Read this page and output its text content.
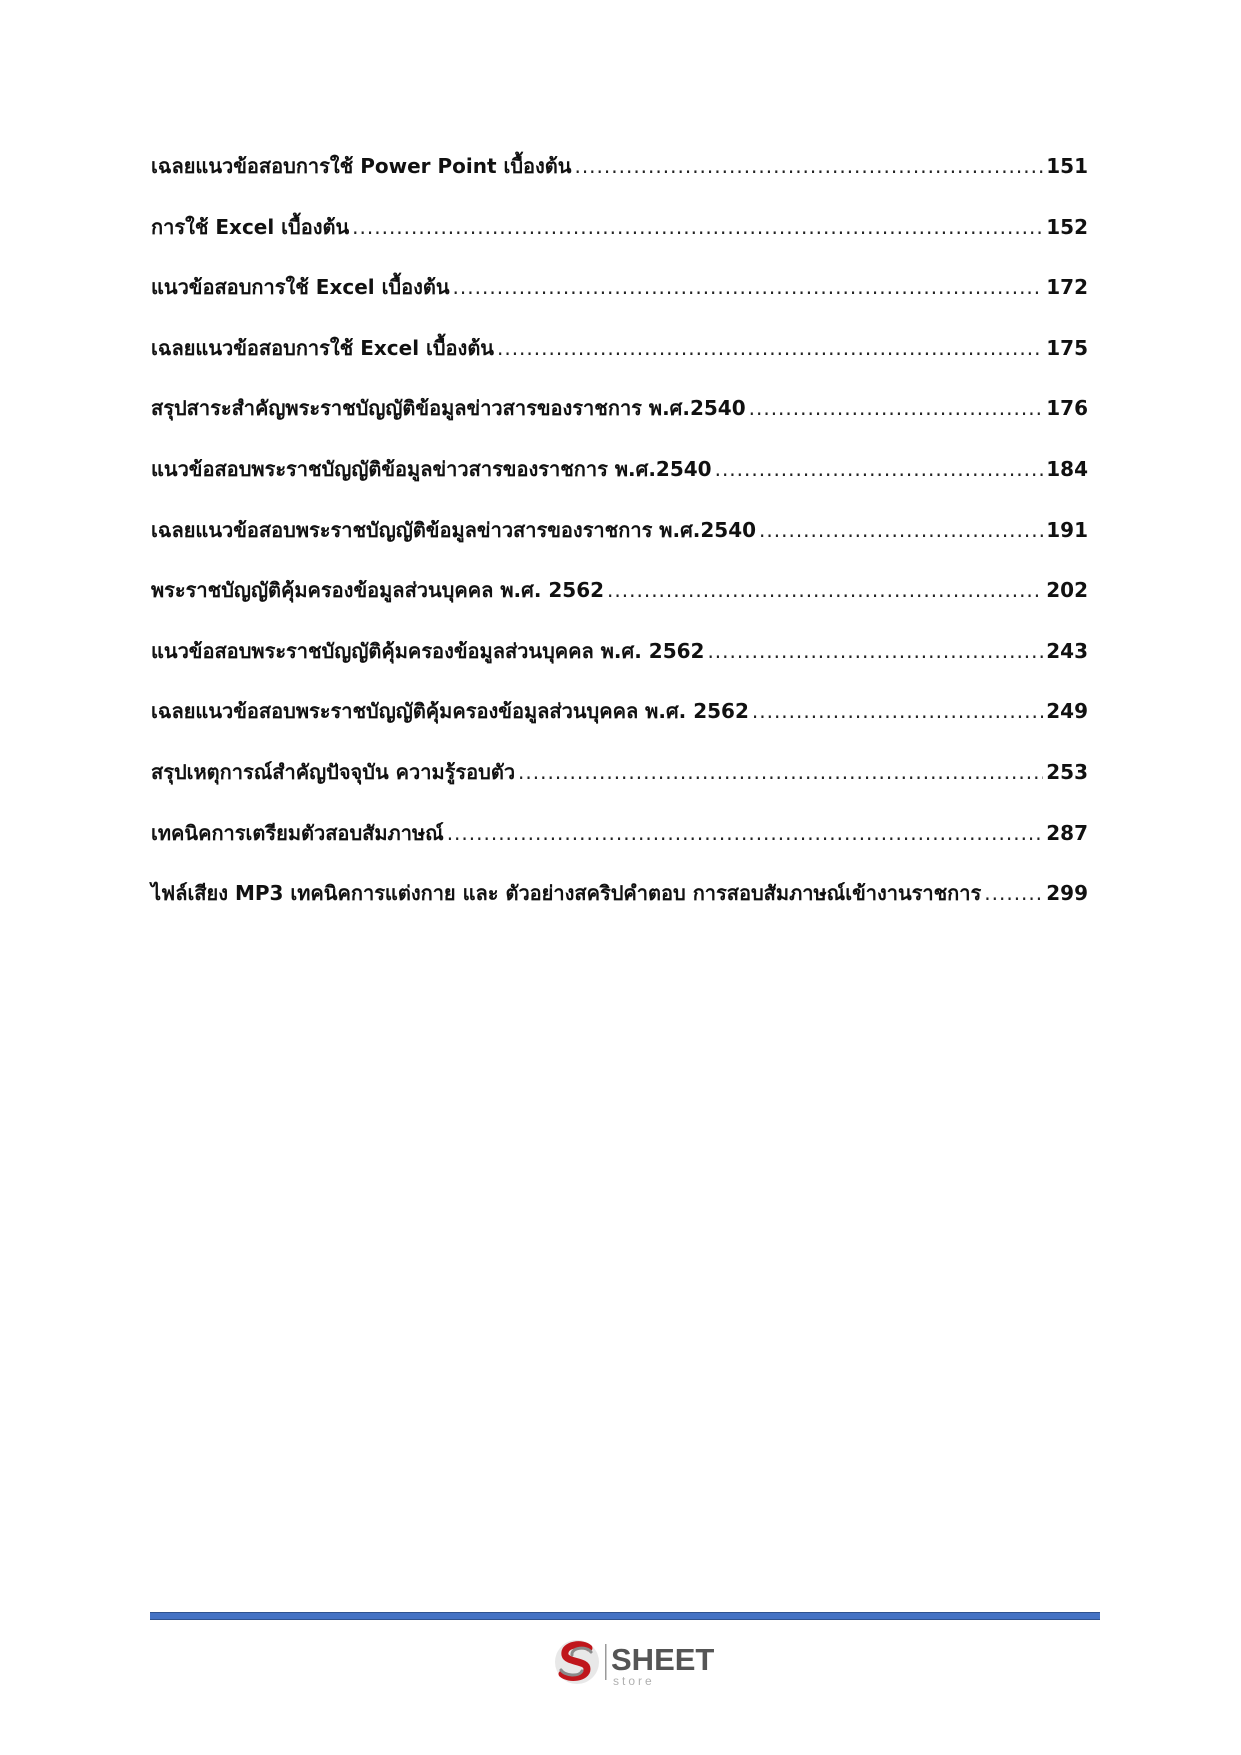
เฉลยแนวข้อสอบการใช้ Power Point เบื้องต้น .....	151
การใช้ Excel เบื้องต้น .....	152
แนวข้อสอบการใช้ Excel เบื้องต้น .....	172
เฉลยแนวข้อสอบการใช้ Excel เบื้องต้น .....	175
สรุปสาระสำคัญพระราชบัญญัติข้อมูลข่าวสารของราชการ พ.ศ.2540 .....	176
แนวข้อสอบพระราชบัญญัติข้อมูลข่าวสารของราชการ พ.ศ.2540 .....	184
เฉลยแนวข้อสอบพระราชบัญญัติข้อมูลข่าวสารของราชการ พ.ศ.2540 .....	191
พระราชบัญญัติคุ้มครองข้อมูลส่วนบุคคล พ.ศ. 2562 .....	202
แนวข้อสอบพระราชบัญญัติคุ้มครองข้อมูลส่วนบุคคล พ.ศ. 2562 .....	243
เฉลยแนวข้อสอบพระราชบัญญัติคุ้มครองข้อมูลส่วนบุคคล พ.ศ. 2562 .....	249
สรุปเหตุการณ์สำคัญปัจจุบัน ความรู้รอบตัว .....	253
เทคนิคการเตรียมตัวสอบสัมภาษณ์ .....	287
ไฟล์เสียง MP3 เทคนิคการแต่งกาย และ ตัวอย่างสคริปคำตอบ การสอบสัมภาษณ์เข้างานราชการ .....	299
SHEET
store
